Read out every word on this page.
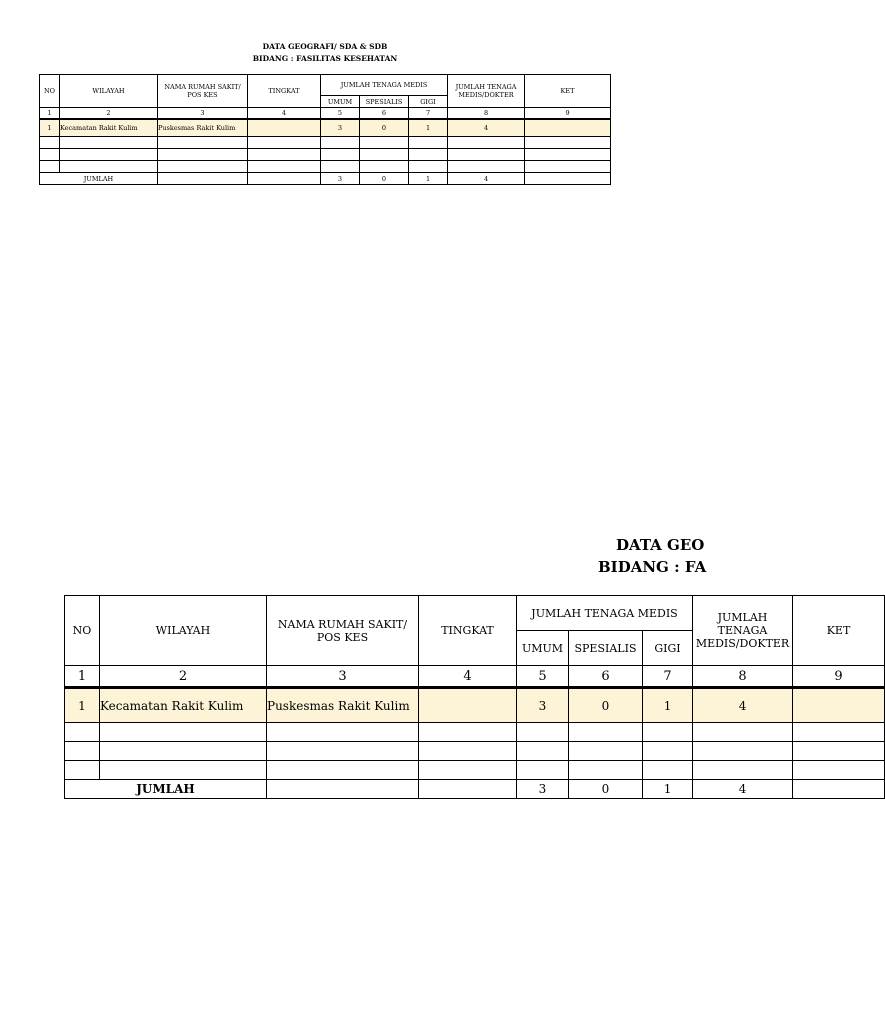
DATA GEOGRAFI/ SDA & SDB
BIDANG : FASILITAS KESEHATAN
NO	WILAYAH	NAMA RUMAH SAKIT/ POS KES	TINGKAT	JUMLAH TENAGA MEDIS			JUMLAH TENAGA MEDIS/DOKTER	KET
				UMUM	SPESIALIS	GIGI		
1	2	3	4	5	6	7	8	9
1	Kecamatan Rakit Kulim	Puskesmas Rakit Kulim		3	0	1	4	

JUMLAH				3	0	1	4	
DATA GEO
BIDANG : FA
NO	WILAYAH	NAMA RUMAH SAKIT/ POS KES	TINGKAT	JUMLAH TENAGA MEDIS			JUMLAH TENAGA MEDIS/DOKTER	KET
				UMUM	SPESIALIS	GIGI		
1	2	3	4	5	6	7	8	9
1	Kecamatan Rakit Kulim	Puskesmas Rakit Kulim		3	0	1	4	

JUMLAH				3	0	1	4	
